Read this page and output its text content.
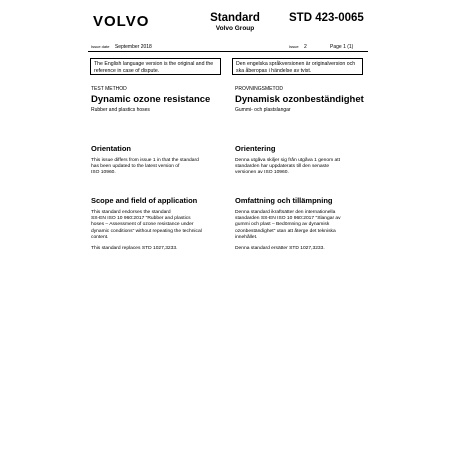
VOLVO	Standard
Volvo Group
STD 423-0065
Issue date September 2018	Issue 2	Page 1 (1)
The English language version is the original and the reference in case of dispute.
Den engelska språkversionen är originalversion och ska åberopas i händelse av tvist.
TEST METHOD
Dynamic ozone resistance
Rubber and plastics hoses
Orientation
This issue differs from issue 1 in that the standard
has been updated to the latest version of
ISO 10960.
Scope and field of application
This standard endorses the standard
SS-EN ISO 10 960:2017 "Rubber and plastics
hoses – Assessment of ozone resistance under
dynamic conditions" without repeating the technical
content.
This standard replaces STD 1027,3233.
PROVNINGSMETOD
Dynamisk ozonbeständighet
Gummi- och plastslangar
Orientering
Denna utgåva skiljer sig från utgåva 1 genom att
standarden har uppdaterats till den senaste
versionen av ISO 10960.
Omfattning och tillämpning
Denna standard ikraftsätter den internationella
standarden SS-EN ISO 10 960:2017 "Slangar av
gummi och plast – Bedömning av dynamisk
ozonbeständighet" utan att återge det tekniska
innehållet.
Denna standard ersätter STD 1027,3233.
